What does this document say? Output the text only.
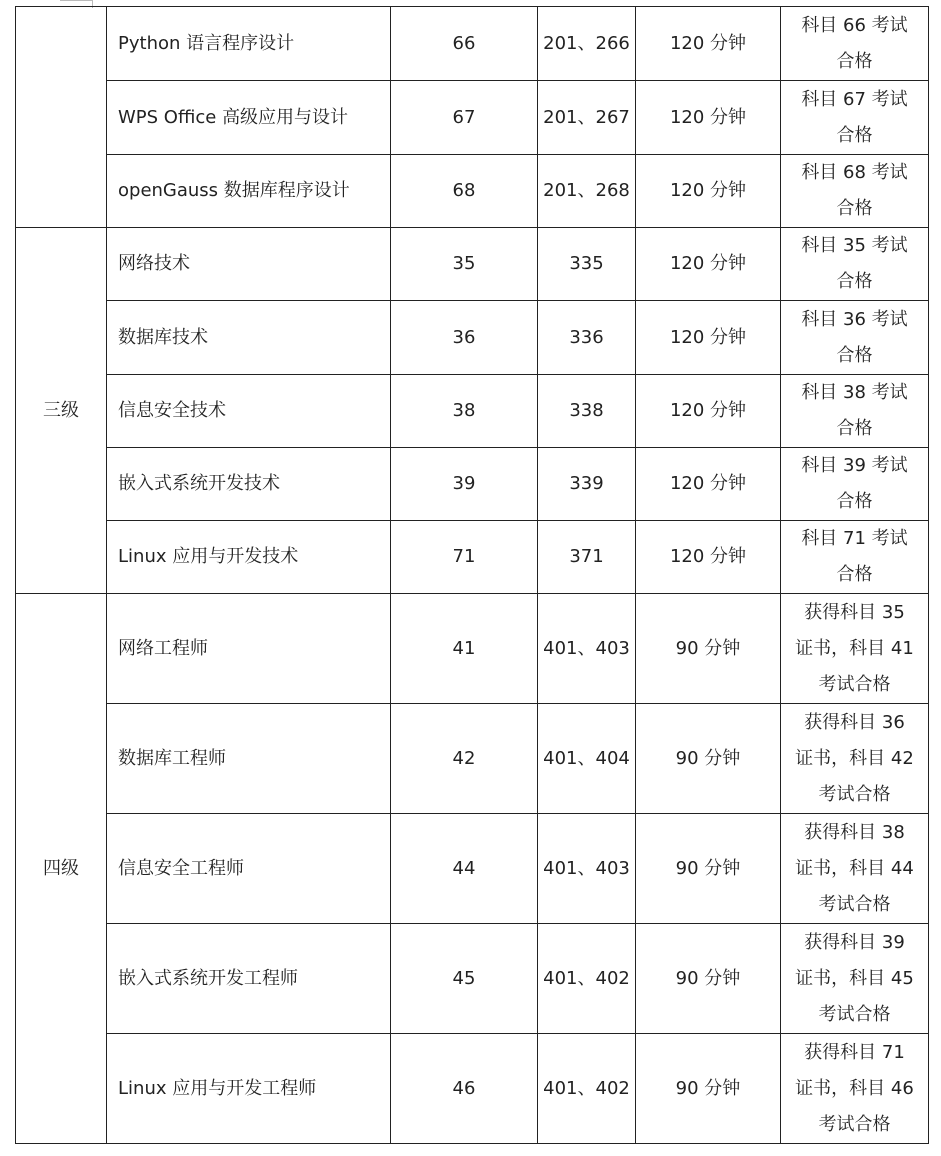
	Python 语言程序设计	66	201、266	120 分钟	科目 66 考试
合格

	WPS Office 高级应用与设计	67	201、267	120 分钟	科目 67 考试
合格

	openGauss 数据库程序设计	68	201、268	120 分钟	科目 68 考试
合格

三级	网络技术	35	335	120 分钟	科目 35 考试
合格

	数据库技术	36	336	120 分钟	科目 36 考试
合格

	信息安全技术	38	338	120 分钟	科目 38 考试
合格

	嵌入式系统开发技术	39	339	120 分钟	科目 39 考试
合格

	Linux 应用与开发技术	71	371	120 分钟	科目 71 考试
合格

四级	网络工程师	41	401、403	90 分钟	获得科目 35
证书，科目 41
考试合格

	数据库工程师	42	401、404	90 分钟	获得科目 36
证书，科目 42
考试合格

	信息安全工程师	44	401、403	90 分钟	获得科目 38
证书，科目 44
考试合格

	嵌入式系统开发工程师	45	401、402	90 分钟	获得科目 39
证书，科目 45
考试合格

	Linux 应用与开发工程师	46	401、402	90 分钟	获得科目 71
证书，科目 46
考试合格
